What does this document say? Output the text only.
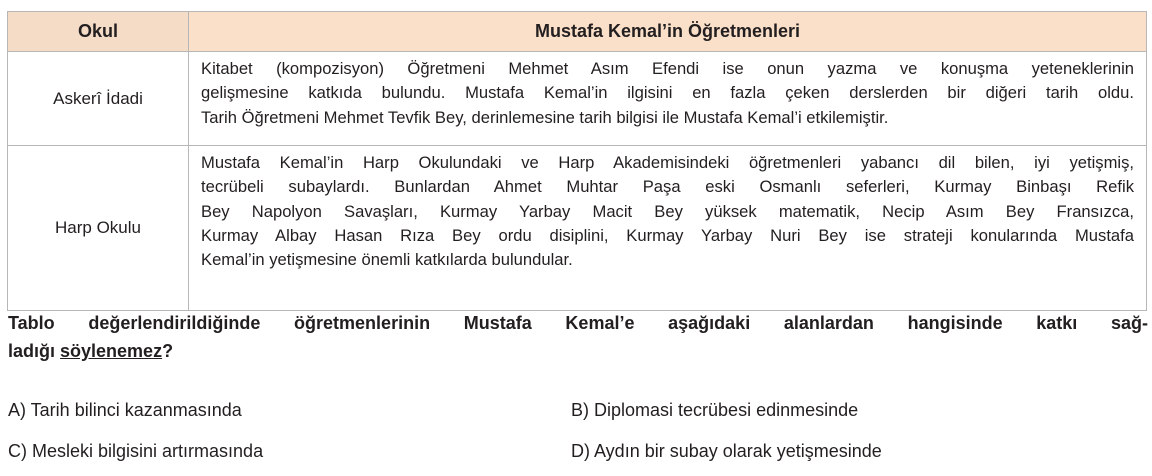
Okul	Mustafa Kemal’in Öğretmenleri
Askerî İdadi	Kitabet (kompozisyon) Öğretmeni Mehmet Asım Efendi ise onun yazma ve konuşma yeteneklerinin
gelişmesine katkıda bulundu. Mustafa Kemal’in ilgisini en fazla çeken derslerden bir diğeri tarih oldu.
Tarih Öğretmeni Mehmet Tevfik Bey, derinlemesine tarih bilgisi ile Mustafa Kemal’i etkilemiştir.

Harp Okulu	Mustafa Kemal’in Harp Okulundaki ve Harp Akademisindeki öğretmenleri yabancı dil bilen, iyi yetişmiş,
tecrübeli subaylardı. Bunlardan Ahmet Muhtar Paşa eski Osmanlı seferleri, Kurmay Binbaşı Refik
Bey Napolyon Savaşları, Kurmay Yarbay Macit Bey yüksek matematik, Necip Asım Bey Fransızca,
Kurmay Albay Hasan Rıza Bey ordu disiplini, Kurmay Yarbay Nuri Bey ise strateji konularında Mustafa
Kemal’in yetişmesine önemli katkılarda bulundular.
Tablo değerlendirildiğinde öğretmenlerinin Mustafa Kemal’e aşağıdaki alanlardan hangisinde katkı sağ-
ladığı söylenemez?
A) Tarih bilinci kazanmasında	B) Diplomasi tecrübesi edinmesinde
C) Mesleki bilgisini artırmasında	D) Aydın bir subay olarak yetişmesinde
